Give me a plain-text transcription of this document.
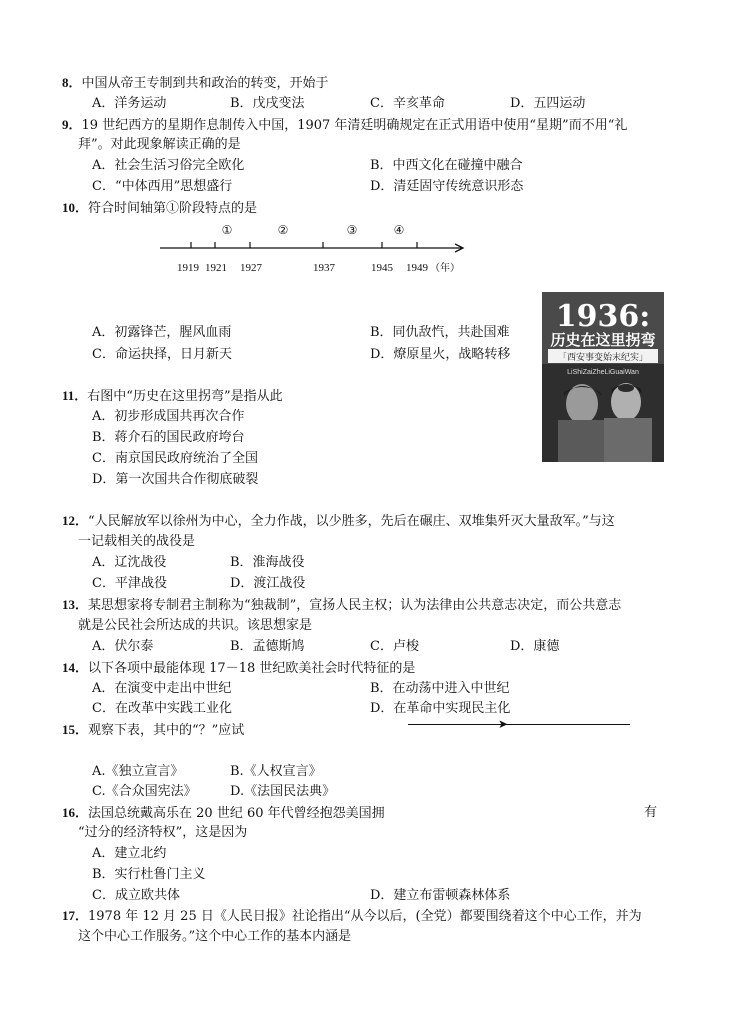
8．中国从帝王专制到共和政治的转变，开始于
A．洋务运动	B．戊戌变法	C．辛亥革命	D．五四运动
9．19 世纪西方的星期作息制传入中国，1907 年清廷明确规定在正式用语中使用“星期”而不用“礼
拜”。对此现象解读正确的是
A．社会生活习俗完全欧化	B．中西文化在碰撞中融合
C．“中体西用”思想盛行	D．清廷固守传统意识形态
10．符合时间轴第①阶段特点的是
①	②	③	④
1919 1921 1927	1937	1945 1949 （年）
A．初露锋芒，腥风血雨	B．同仇敌忾，共赴国难
C．命运抉择，日月新天	D．燎原星火，战略转移
1936:
历史在这里拐弯
「西安事变始末纪实」
LiShiZaiZheLiGuaiWan
11．右图中“历史在这里拐弯”是指从此
A．初步形成国共再次合作
B．蒋介石的国民政府垮台
C．南京国民政府统治了全国
D．第一次国共合作彻底破裂
12．“人民解放军以徐州为中心，全力作战，以少胜多，先后在碾庄、双堆集歼灭大量敌军。”与这
一记载相关的战役是
A．辽沈战役	B．淮海战役
C．平津战役	D．渡江战役
13．某思想家将专制君主制称为“独裁制”，宣扬人民主权；认为法律由公共意志决定，而公共意志
就是公民社会所达成的共识。该思想家是
A．伏尔泰	B．孟德斯鸠	C．卢梭	D．康德
14．以下各项中最能体现 17－18 世纪欧美社会时代特征的是
A．在演变中走出中世纪	B．在动荡中进入中世纪
C．在改革中实践工业化	D．在革命中实现民主化
15．观察下表，其中的“？”应试	➤
A.《独立宣言》	B.《人权宣言》
C.《合众国宪法》	D.《法国民法典》
16．法国总统戴高乐在 20 世纪 60 年代曾经抱怨美国拥	有
“过分的经济特权”，这是因为
A．建立北约
B．实行杜鲁门主义
C．成立欧共体	D．建立布雷顿森林体系
17．1978 年 12 月 25 日《人民日报》社论指出“从今以后，(全党）都要围绕着这个中心工作，并为
这个中心工作服务。”这个中心工作的基本内涵是
